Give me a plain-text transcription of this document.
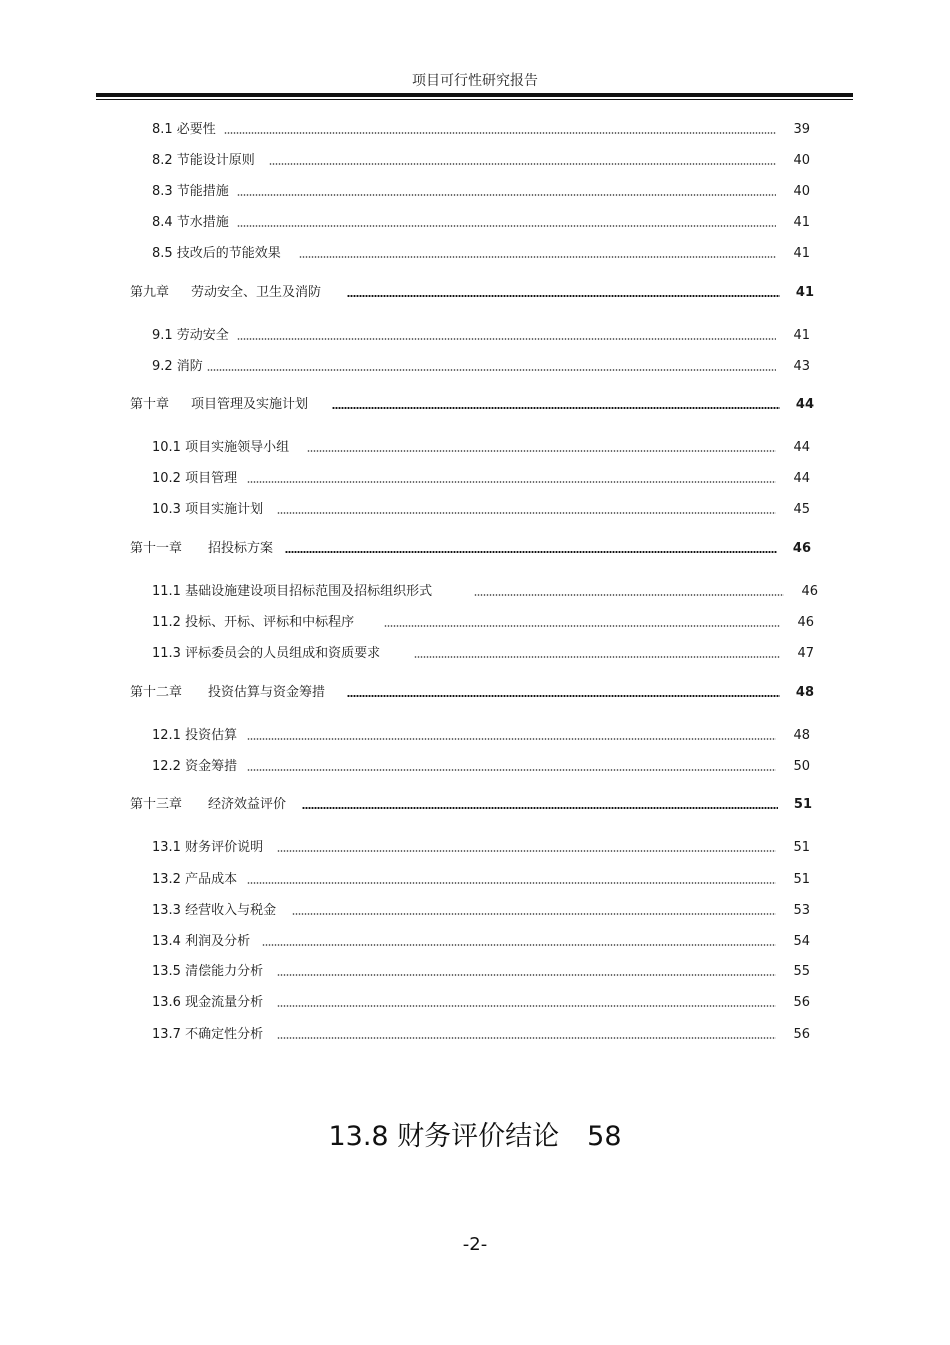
项目可行性研究报告
8.1 必要性	39
8.2 节能设计原则	40
8.3 节能措施	40
8.4 节水措施	41
8.5 技改后的节能效果	41
第九章 劳动安全、卫生及消防	41
9.1 劳动安全	41
9.2 消防	43
第十章 项目管理及实施计划	44
10.1 项目实施领导小组	44
10.2 项目管理	44
10.3 项目实施计划	45
第十一章 招投标方案	46
11.1 基础设施建设项目招标范围及招标组织形式	46
11.2 投标、开标、评标和中标程序	46
11.3 评标委员会的人员组成和资质要求	47
第十二章 投资估算与资金筹措	48
12.1 投资估算	48
12.2 资金筹措	50
第十三章 经济效益评价	51
13.1 财务评价说明	51
13.2 产品成本	51
13.3 经营收入与税金	53
13.4 利润及分析	54
13.5 清偿能力分析	55
13.6 现金流量分析	56
13.7 不确定性分析	56
13.8 财务评价结论 58
-2-
